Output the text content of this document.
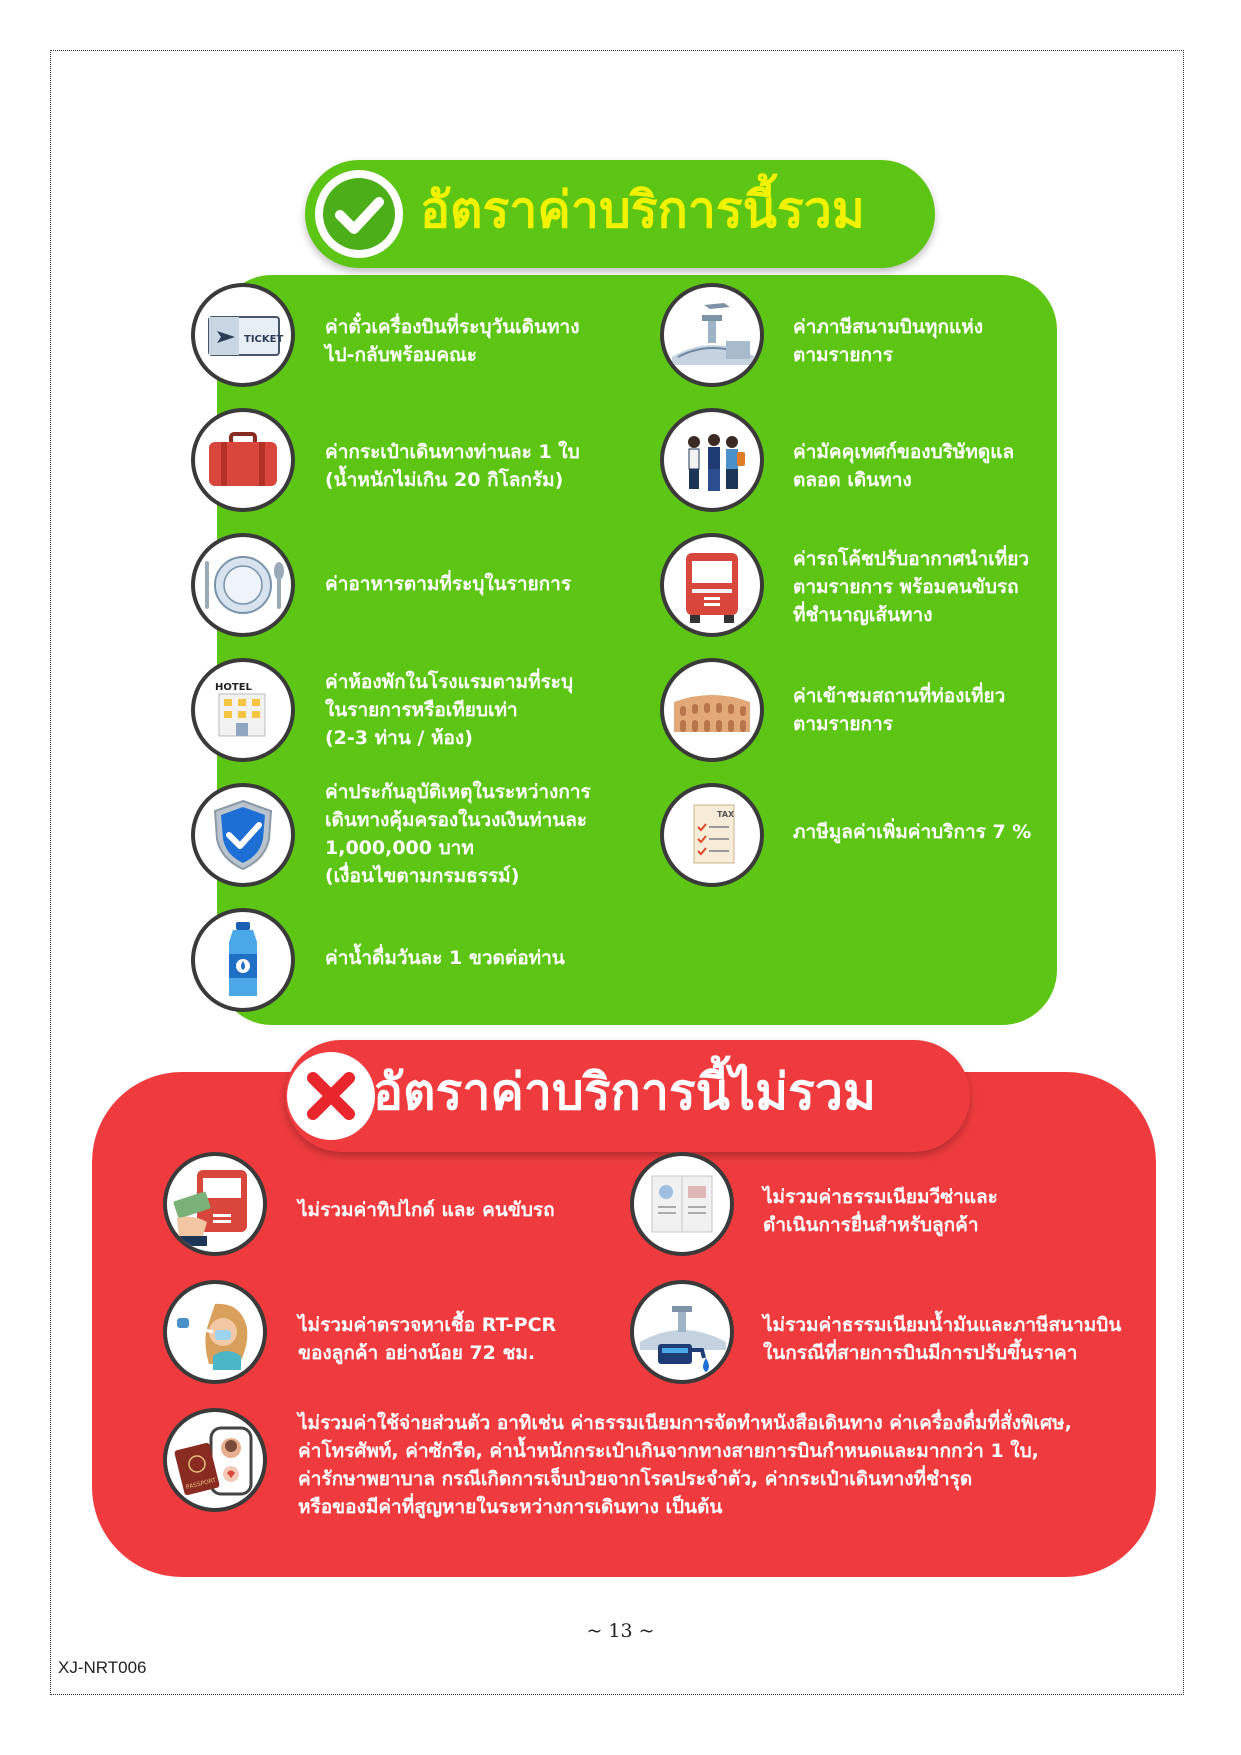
อัตราค่าบริการนี้รวม
TICKET
HOTEL
TAX
ค่าตั๋วเครื่องบินที่ระบุวันเดินทาง
ไป-กลับพร้อมคณะ
ค่าภาษีสนามบินทุกแห่ง
ตามรายการ
ค่ากระเป๋าเดินทางท่านละ 1 ใบ
(น้ำหนักไม่เกิน 20 กิโลกรัม)
ค่ามัคคุเทศก์ของบริษัทดูแล
ตลอด เดินทาง
ค่าอาหารตามที่ระบุในรายการ
ค่ารถโค้ชปรับอากาศนำเที่ยว
ตามรายการ พร้อมคนขับรถ
ที่ชำนาญเส้นทาง
ค่าห้องพักในโรงแรมตามที่ระบุ
ในรายการหรือเทียบเท่า
(2-3 ท่าน / ห้อง)
ค่าเข้าชมสถานที่ท่องเที่ยว
ตามรายการ
ค่าประกันอุบัติเหตุในระหว่างการ
เดินทางคุ้มครองในวงเงินท่านละ
1,000,000 บาท
(เงื่อนไขตามกรมธรรม์)
ภาษีมูลค่าเพิ่มค่าบริการ 7 %
ค่าน้ำดื่มวันละ 1 ขวดต่อท่าน
อัตราค่าบริการนี้ไม่รวม
PASSPORT
ไม่รวมค่าทิปไกด์ และ คนขับรถ
ไม่รวมค่าธรรมเนียมวีซ่าและ
ดำเนินการยื่นสำหรับลูกค้า
ไม่รวมค่าตรวจหาเชื้อ RT-PCR
ของลูกค้า อย่างน้อย 72 ชม.
ไม่รวมค่าธรรมเนียมน้ำมันและภาษีสนามบิน
ในกรณีที่สายการบินมีการปรับขึ้นราคา
ไม่รวมค่าใช้จ่ายส่วนตัว อาทิเช่น ค่าธรรมเนียมการจัดทำหนังสือเดินทาง ค่าเครื่องดื่มที่สั่งพิเศษ,
ค่าโทรศัพท์, ค่าซักรีด, ค่าน้ำหนักกระเป๋าเกินจากทางสายการบินกำหนดและมากกว่า 1 ใบ,
ค่ารักษาพยาบาล กรณีเกิดการเจ็บป่วยจากโรคประจำตัว, ค่ากระเป๋าเดินทางที่ชำรุด
หรือของมีค่าที่สูญหายในระหว่างการเดินทาง เป็นต้น
~ 13 ~
XJ-NRT006
